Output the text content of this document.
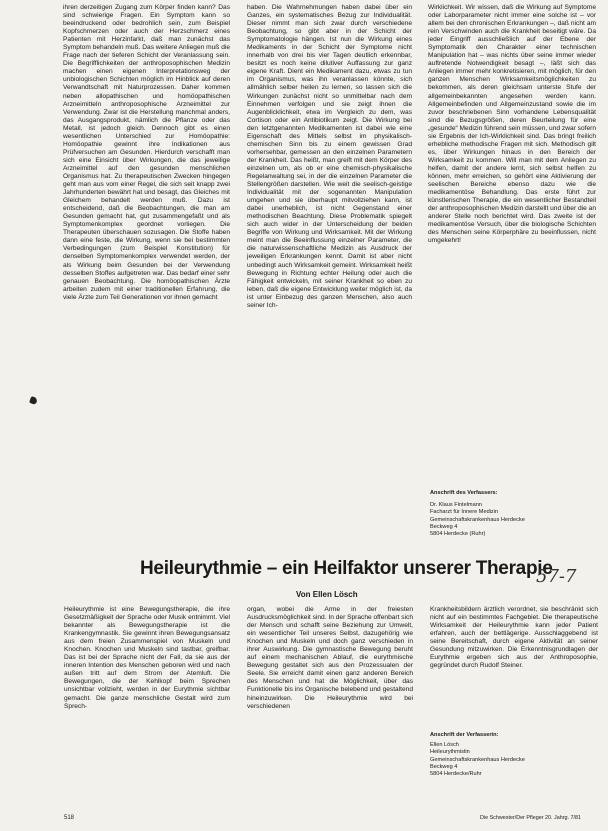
ihren derzeitigen Zugang zum Körper finden kann? Das sind schwierige Fragen. Ein Symptom kann so beeindruckend oder bedrohlich sein, zum Beispiel Kopfschmerzen oder auch der Herzschmerz eines Patienten mit Herzinfarkt, daß man zunächst das Symptom behandeln muß. Das weitere Anliegen muß die Frage nach der tieferen Schicht der Veranlassung sein. Die Begrifflichkeiten der anthroposophischen Medizin machen einen eigenen Interpretationsweg der unbiologischen Schichten möglich im Hinblick auf deren Verwandtschaft mit Naturprozessen. Daher kommen neben allopathischen und homöopathischen Arzneimitteln anthroposophische Arzneimittel zur Verwendung. Zwar ist die Herstellung manchmal anders, das Ausgangsprodukt, nämlich die Pflanze oder das Metall, ist jedoch gleich. Dennoch gibt es einen wesentlichen Unterschied zur Homöopathie: Homöopathie gewinnt ihre Indikationen aus Prüfversuchen am Gesunden. Hierdurch verschafft man sich eine Einsicht über Wirkungen, die das jeweilige Arzneimittel auf den gesunden menschlichen Organismus hat. Zu therapeutischen Zwecken hingegen geht man aus vom einer Regel, die sich seit knapp zwei Jahrhunderten bewährt hat und besagt, das Gleiches mit Gleichem behandelt werden muß. Dazu ist entscheidend, daß die Beobachtungen, die man am Gesunden gemacht hat, gut zusammengefaßt und als Symptomenkomplex geordnet vorliegen. Die Therapeuten überschauen sozusagen. Die Stoffe haben dann eine feste, die Wirkung, wenn sie bei bestimmten Verbedingungen (zum Beispiel Konstitution) für denselben Symptomenkomplex verwendet werden, der als Wirkung beim Gesunden bei der Verwendung desselben Stoffes aufgetreten war. Das bedarf einer sehr genauen Beobachtung. Die homöopathischen Ärzte arbeiten zudem mit einer traditionellen Erfahrung, die viele Ärzte zum Teil Generationen vor ihnen gemacht
haben. Die Wahrnehmungen haben dabei über ein Ganzes, ein systematisches Bezug zur Individualität. Dieser nimmt man sich zwar durch verschiedene Beobachtung, so gibt aber in der Schicht der Symptomatologie hängen. Ist nun die Wirkung eines Medikaments in der Schicht der Symptome nicht innerhalb von drei bis vier Tagen deutlich erkennbar, besitzt es noch keine dilutiver Auffassung zur ganz eigene Kraft. Dient ein Medikament dazu, etwas zu tun im Organismus, was ihn veranlassen könnte, sich allmählich selber heilen zu lernen, so lassen sich die Wirkungen zunächst nicht so unmittelbar nach dem Einnehmen verfolgen und sie zeigt ihnen die Augenblicklichkeit, etwa im Vergleich zu dem, was Cortison oder ein Antibiotikum zeigt. Die Wirkung bei den letztgenannten Medikamenten ist dabei wie eine Eigenschaft des Mittels selbst im physikalisch-chemischen Sinn bis zu einem gewissen Grad vorhersehbar, gemessen an den einzelnen Parametern der Krankheit. Das heißt, man greift mit dem Körper des einzelnen um, als ob er eine chemisch-physikalische Regelanwaltung sei, in der die einzelnen Parameter die Stellengrößen darstellen. Wie weit die seelisch-geistige Individualität mit der sogenannten Manipulation umgehen und sie überhaupt mitvollziehen kann, ist dabei unerheblich, ist nicht Gegenstand einer methodischen Beachtung. Diese Problematik spiegelt sich auch wider in der Unterscheidung der beiden Begriffe von Wirkung und Wirksamkeit. Mit der Wirkung meint man die Beeinflussung einzelner Parameter, die die naturwissenschaftliche Medizin als Ausdruck der jeweiligen Erkrankungen kennt. Damit ist aber nicht unbedingt auch Wirksamkeit gemeint. Wirksamkeit heißt Bewegung in Richtung echter Heilung oder auch die Fähigkeit entwickeln, mit seiner Krankheit so eben zu leben, daß die eigene Entwicklung weiter möglich ist, da ist unter Einbezug des ganzen Menschen, also auch seiner Ich-
Wirklichkeit. Wir wissen, daß die Wirkung auf Symptome oder Laborparameter nicht immer eine solche ist – vor allem bei den chronischen Erkrankungen –, daß nicht am rein Verschwinden auch die Krankheit beseitigt wäre. Da jeder Eingriff ausschließlich auf der Ebene der Symptomatik den Charakter einer technischen Manipulation hat – was nichts über seine immer wieder auftretende Notwendigkeit besagt –, läßt sich das Anliegen immer mehr konkretisieren, mit möglich, für den ganzen Menschen Wirksamkeitsmöglichkeiten zu bekommen, als deren gleichsam unterste Stufe der allgemeinbekannten angesehen werden kann. Allgemeinbefinden und Allgemeinzustand sowie die im zuvor beschriebenen Sinn vorhandene Lebensqualität sind die Bezugsgrößen, deren Beurteilung für eine „gesunde“ Medizin führend sein müssen, und zwar sofern sie Ergebnis der Ich-Wirklichkeit sind. Das bringt freilich erhebliche methodische Fragen mit sich. Methodisch gilt es, über Wirkungen hinaus in den Bereich der Wirksamkeit zu kommen. Will man mit dem Anliegen zu helfen, damit der andere lernt, sich selbst helfen zu können, mehr erreichen, so gehört eine Aktivierung der seelischen Bereiche ebenso dazu wie die medikamentöse Behandlung. Das erste führt zur künstlerischen Therapie, die ein wesentlicher Bestandteil der anthroposophischen Medizin darstellt und über die an anderer Stelle noch berichtet wird. Das zweite ist der medikamentöse Versuch, über die biologische Schichten des Menschen seine Körperphäre zu beeinflussen, nicht umgekehrt!
Anschrift des Verfassers:
Dr. Klaus Fintelmann
Facharzt für Innere Medizin
Gemeinschaftskrankenhaus Herdecke
Beckweg 4
5804 Herdecke (Ruhr)
Heileurythmie – ein Heilfaktor unserer Therapie
57-7
Von Ellen Lösch
Heileurythmie ist eine Bewegungstherapie, die ihre Gesetzmäßigkeit der Sprache oder Musik entnimmt. Viel bekannter als Bewegungstherapie ist die Krankengymnastik. Sie gewinnt ihren Bewegungsansatz aus dem freien Zusammenspiel von Muskeln und Knochen. Knochen und Muskeln sind tastbar, greifbar. Das ist bei der Sprache nicht der Fall, da sie aus der inneren Intention des Menschen geboren wird und nach außen tritt auf dem Strom der Atemluft. Die Bewegungen, die der Kehlkopf beim Sprechen unsichtbar vollzieht, werden in der Eurythmie sichtbar gemacht. Die ganze menschliche Gestalt wird zum Sprech-
organ, wobei die Arme in der freiesten Ausdrucksmöglichkeit sind. In der Sprache offenbart sich der Mensch und schafft seine Beziehung zur Umwelt, ein wesentlicher Teil unseres Selbst, dazugehörig wie Knochen und Muskeln und doch ganz verschieden in ihrer Auswirkung. Die gymnastische Bewegung beruht auf einem mechanischen Ablauf, die eurythmische Bewegung gestaltet sich aus den Prozessualen der Seele. Sie erreicht damit einen ganz anderen Bereich des Menschen und hat die Möglichkeit, über das Funktionelle bis ins Organische belebend und gestaltend hineinzuwirken. Die Heileurythmie wird bei verschiedenen
Krankheitsbildern ärztlich verordnet, sie beschränkt sich nicht auf ein bestimmtes Fachgebiet. Die therapeutische Wirksamkeit der Heileurythmie kann jeder Patient erfahren, auch der bettlägerige. Ausschlaggebend ist seine Bereitschaft, durch eigene Aktivität an seiner Gesundung mitzuwirken. Die Erkenntnisgrundlagen der Eurythmie ergeben sich aus der Anthroposophie, gegründet durch Rudolf Steiner.
Anschrift der Verfasserin:
Ellen Lösch
Heileurythmistin
Gemeinschaftskrankenhaus Herdecke
Beckweg 4
5804 Herdecke/Ruhr
518	Die Schwester/Der Pfleger 20. Jahrg. 7/81
